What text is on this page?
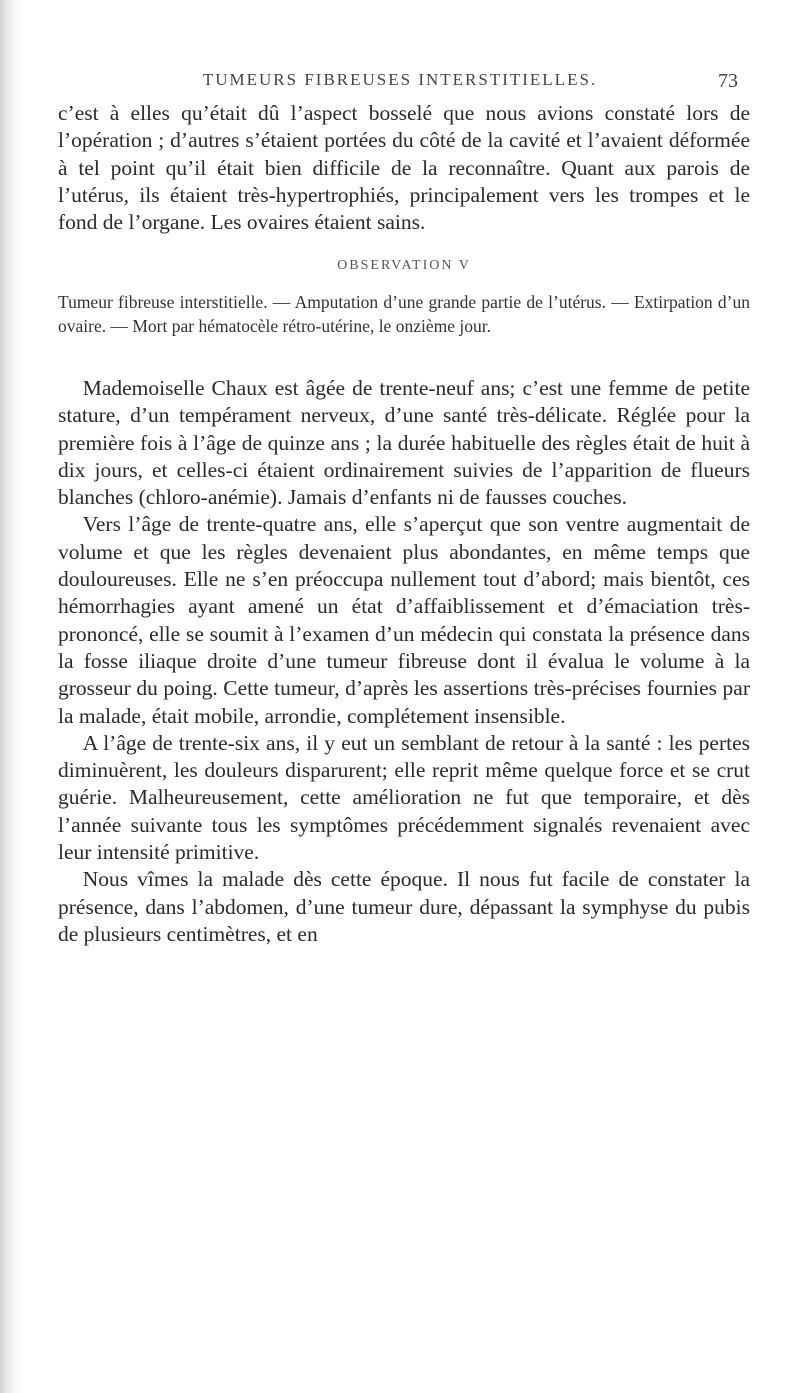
TUMEURS FIBREUSES INTERSTITIELLES.	73

c’est à elles qu’était dû l’aspect bosselé que nous avions constaté lors de l’opération ; d’autres s’étaient portées du côté de la cavité et l’avaient déformée à tel point qu’il était bien difficile de la reconnaître. Quant aux parois de l’utérus, ils étaient très-hypertrophiés, principalement vers les trompes et le fond de l’organe. Les ovaires étaient sains.

OBSERVATION V

Tumeur fibreuse interstitielle. — Amputation d’une grande partie de l’utérus. — Extirpation d’un ovaire. — Mort par hématocèle rétro-utérine, le onzième jour.

Mademoiselle Chaux est âgée de trente-neuf ans; c’est une femme de petite stature, d’un tempérament nerveux, d’une santé très-délicate. Réglée pour la première fois à l’âge de quinze ans ; la durée habituelle des règles était de huit à dix jours, et celles-ci étaient ordinairement suivies de l’apparition de flueurs blanches (chloro-anémie). Jamais d’enfants ni de fausses couches.

Vers l’âge de trente-quatre ans, elle s’aperçut que son ventre augmentait de volume et que les règles devenaient plus abondantes, en même temps que douloureuses. Elle ne s’en préoccupa nullement tout d’abord; mais bientôt, ces hémorrhagies ayant amené un état d’affaiblissement et d’émaciation très-prononcé, elle se soumit à l’examen d’un médecin qui constata la présence dans la fosse iliaque droite d’une tumeur fibreuse dont il évalua le volume à la grosseur du poing. Cette tumeur, d’après les assertions très-précises fournies par la malade, était mobile, arrondie, complétement insensible.

A l’âge de trente-six ans, il y eut un semblant de retour à la santé : les pertes diminuèrent, les douleurs disparurent; elle reprit même quelque force et se crut guérie. Malheureusement, cette amélioration ne fut que temporaire, et dès l’année suivante tous les symptômes précédemment signalés revenaient avec leur intensité primitive.

Nous vîmes la malade dès cette époque. Il nous fut facile de constater la présence, dans l’abdomen, d’une tumeur dure, dépassant la symphyse du pubis de plusieurs centimètres, et en
